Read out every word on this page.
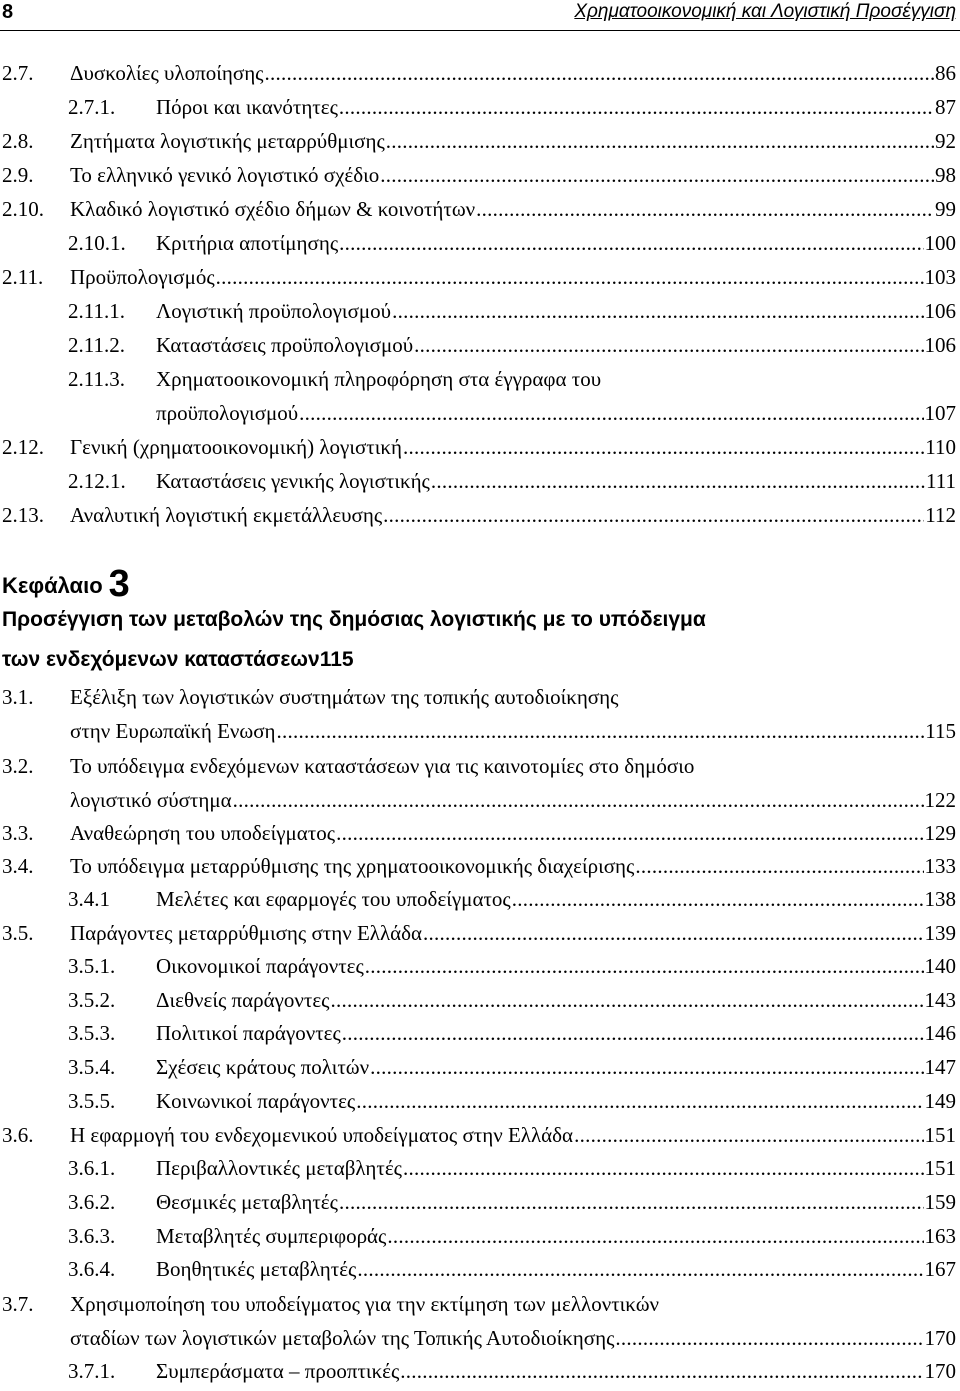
8	Χρηματοοικονομική και Λογιστική Προσέγγιση
2.7. Δυσκολίες υλοποίησης . . .	86
2.7.1. Πόροι και ικανότητες . . .	87
2.8. Ζητήματα λογιστικής μεταρρύθμισης . . .	92
2.9. Το ελληνικό γενικό λογιστικό σχέδιο . . .	98
2.10. Κλαδικό λογιστικό σχέδιο δήμων & κοινοτήτων . . .	99
2.10.1. Κριτήρια αποτίμησης . . .	100
2.11. Προϋπολογισμός . . .	103
2.11.1. Λογιστική προϋπολογισμού . . .	106
2.11.2. Καταστάσεις προϋπολογισμού . . .	106
2.11.3. Χρηματοοικονομική πληροφόρηση στα έγγραφα του
προϋπολογισμού . . .	107
2.12. Γενική (χρηματοοικονομική) λογιστική . . .	110
2.12.1. Καταστάσεις γενικής λογιστικής . . .	111
2.13. Αναλυτική λογιστική εκμετάλλευσης . . .	112
Κεφάλαιο 3
Προσέγγιση των μεταβολών της δημόσιας λογιστικής με το υπόδειγμα
των ενδεχόμενων καταστάσεων 115
3.1. Εξέλιξη των λογιστικών συστημάτων της τοπικής αυτοδιοίκησης
στην Ευρωπαϊκή Ενωση . . .	115
3.2. Το υπόδειγμα ενδεχόμενων καταστάσεων για τις καινοτομίες στο δημόσιο
λογιστικό σύστημα . . .	122
3.3. Αναθεώρηση του υποδείγματος . . .	129
3.4. Το υπόδειγμα μεταρρύθμισης της χρηματοοικονομικής διαχείρισης . . .	133
3.4.1 Μελέτες και εφαρμογές του υποδείγματος . . .	138
3.5. Παράγοντες μεταρρύθμισης στην Ελλάδα . . .	139
3.5.1. Οικονομικοί παράγοντες . . .	140
3.5.2. Διεθνείς παράγοντες . . .	143
3.5.3. Πολιτικοί παράγοντες . . .	146
3.5.4. Σχέσεις κράτους πολιτών . . .	147
3.5.5. Κοινωνικοί παράγοντες . . .	149
3.6. Η εφαρμογή του ενδεχομενικού υποδείγματος στην Ελλάδα . . .	151
3.6.1. Περιβαλλοντικές μεταβλητές . . .	151
3.6.2. Θεσμικές μεταβλητές . . .	159
3.6.3. Μεταβλητές συμπεριφοράς . . .	163
3.6.4. Βοηθητικές μεταβλητές . . .	167
3.7. Χρησιμοποίηση του υποδείγματος για την εκτίμηση των μελλοντικών
σταδίων των λογιστικών μεταβολών της Τοπικής Αυτοδιοίκησης . . .	170
3.7.1. Συμπεράσματα – προοπτικές . . .	170
